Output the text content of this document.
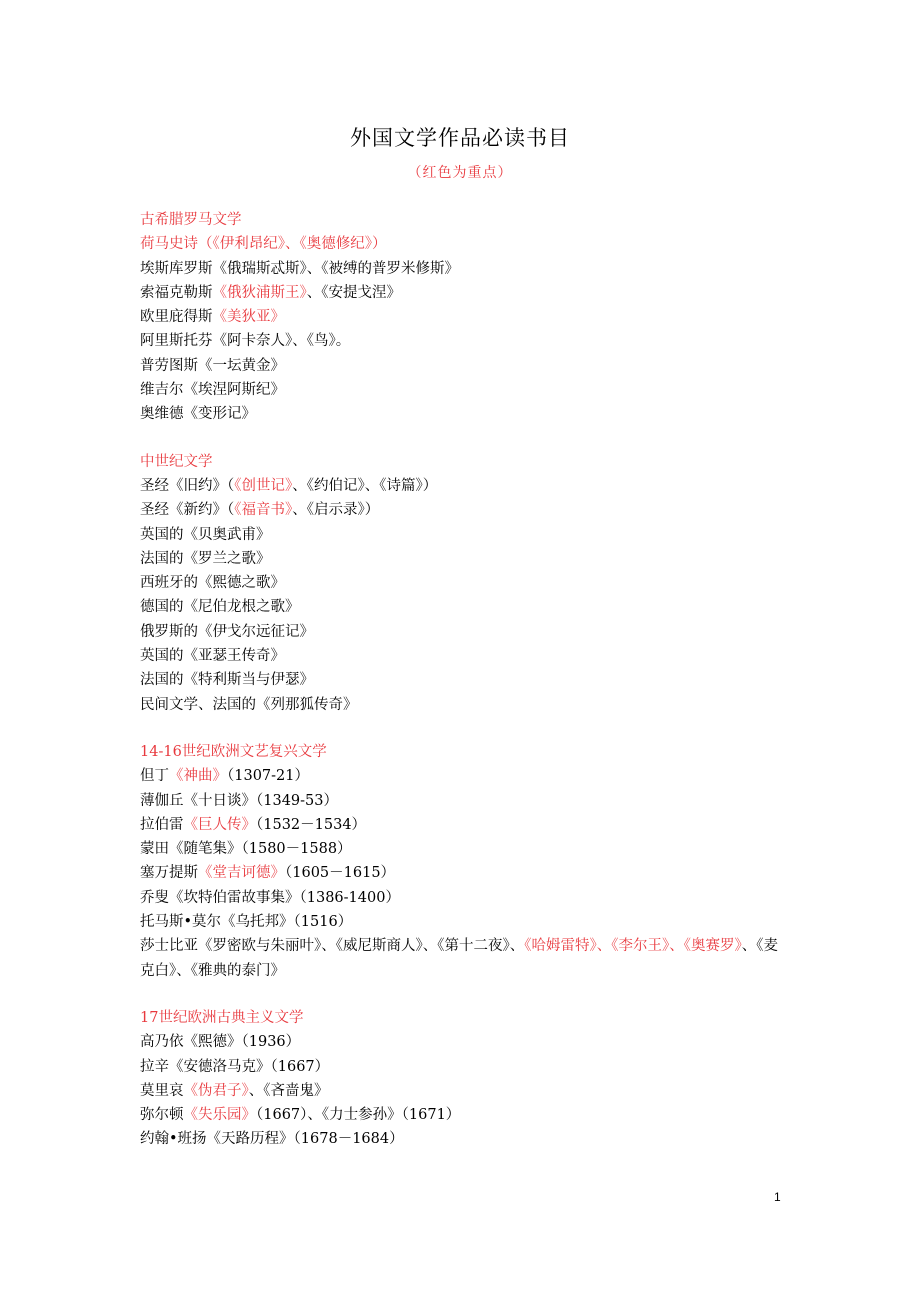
外国文学作品必读书目
（红色为重点）
古希腊罗马文学
荷马史诗（《伊利昂纪》、《奥德修纪》）
埃斯库罗斯《俄瑞斯忒斯》、《被缚的普罗米修斯》
索福克勒斯《俄狄浦斯王》、《安提戈涅》
欧里庇得斯《美狄亚》
阿里斯托芬《阿卡奈人》、《鸟》。
普劳图斯《一坛黄金》
维吉尔《埃涅阿斯纪》
奥维德《变形记》
中世纪文学
圣经《旧约》（《创世记》、《约伯记》、《诗篇》）
圣经《新约》（《福音书》、《启示录》）
英国的《贝奥武甫》
法国的《罗兰之歌》
西班牙的《熙德之歌》
德国的《尼伯龙根之歌》
俄罗斯的《伊戈尔远征记》
英国的《亚瑟王传奇》
法国的《特利斯当与伊瑟》
民间文学、法国的《列那狐传奇》
14-16世纪欧洲文艺复兴文学
但丁《神曲》（1307-21）
薄伽丘《十日谈》（1349-53）
拉伯雷《巨人传》（1532－1534）
蒙田《随笔集》（1580－1588）
塞万提斯《堂吉诃德》（1605－1615）
乔叟《坎特伯雷故事集》（1386-1400）
托马斯•莫尔《乌托邦》（1516）
莎士比亚《罗密欧与朱丽叶》、《威尼斯商人》、《第十二夜》、《哈姆雷特》、《李尔王》、《奥赛罗》、《麦克白》、《雅典的泰门》
17世纪欧洲古典主义文学
高乃依《熙德》（1936）
拉辛《安德洛马克》（1667）
莫里哀《伪君子》、《吝啬鬼》
弥尔顿《失乐园》（1667）、《力士参孙》（1671）
约翰•班扬《天路历程》（1678－1684）
1
